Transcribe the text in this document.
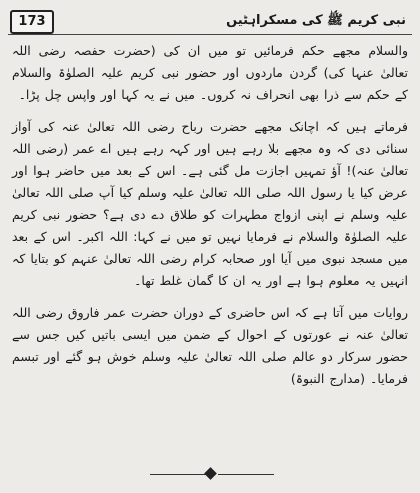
173	نبی کریم ﷺ کی مسکراہٹیں

والسلام مجھے حکم فرمائیں تو میں ان کی (حضرت حفصہ رضی اللہ تعالیٰ عنہا کی) گردن ماردوں اور حضور نبی کریم علیہ الصلوٰۃ والسلام کے حکم سے ذرا بھی انحراف نہ کروں۔ میں نے یہ کہا اور واپس چل پڑا۔

فرماتے ہیں کہ اچانک مجھے حضرت رباح رضی اللہ تعالیٰ عنہ کی آواز سنائی دی کہ وہ مجھے بلا رہے ہیں اور کہہ رہے ہیں اے عمر (رضی اللہ تعالیٰ عنہ)! آؤ تمہیں اجازت مل گئی ہے۔ اس کے بعد میں حاضر ہوا اور عرض کیا یا رسول اللہ صلی اللہ تعالیٰ علیہ وسلم کیا آپ صلی اللہ تعالیٰ علیہ وسلم نے اپنی ازواج مطہرات کو طلاق دے دی ہے؟ حضور نبی کریم علیہ الصلوٰۃ والسلام نے فرمایا نہیں تو میں نے کہا: اللہ اکبر۔ اس کے بعد میں مسجد نبوی میں آیا اور صحابہ کرام رضی اللہ تعالیٰ عنہم کو بتایا کہ انہیں یہ معلوم ہوا ہے اور یہ ان کا گمان غلط تھا۔

روایات میں آتا ہے کہ اس حاضری کے دوران حضرت عمر فاروق رضی اللہ تعالیٰ عنہ نے عورتوں کے احوال کے ضمن میں ایسی باتیں کیں جس سے حضور سرکار دو عالم صلی اللہ تعالیٰ علیہ وسلم خوش ہو گئے اور تبسم فرمایا۔ (مدارج النبوۃ)
